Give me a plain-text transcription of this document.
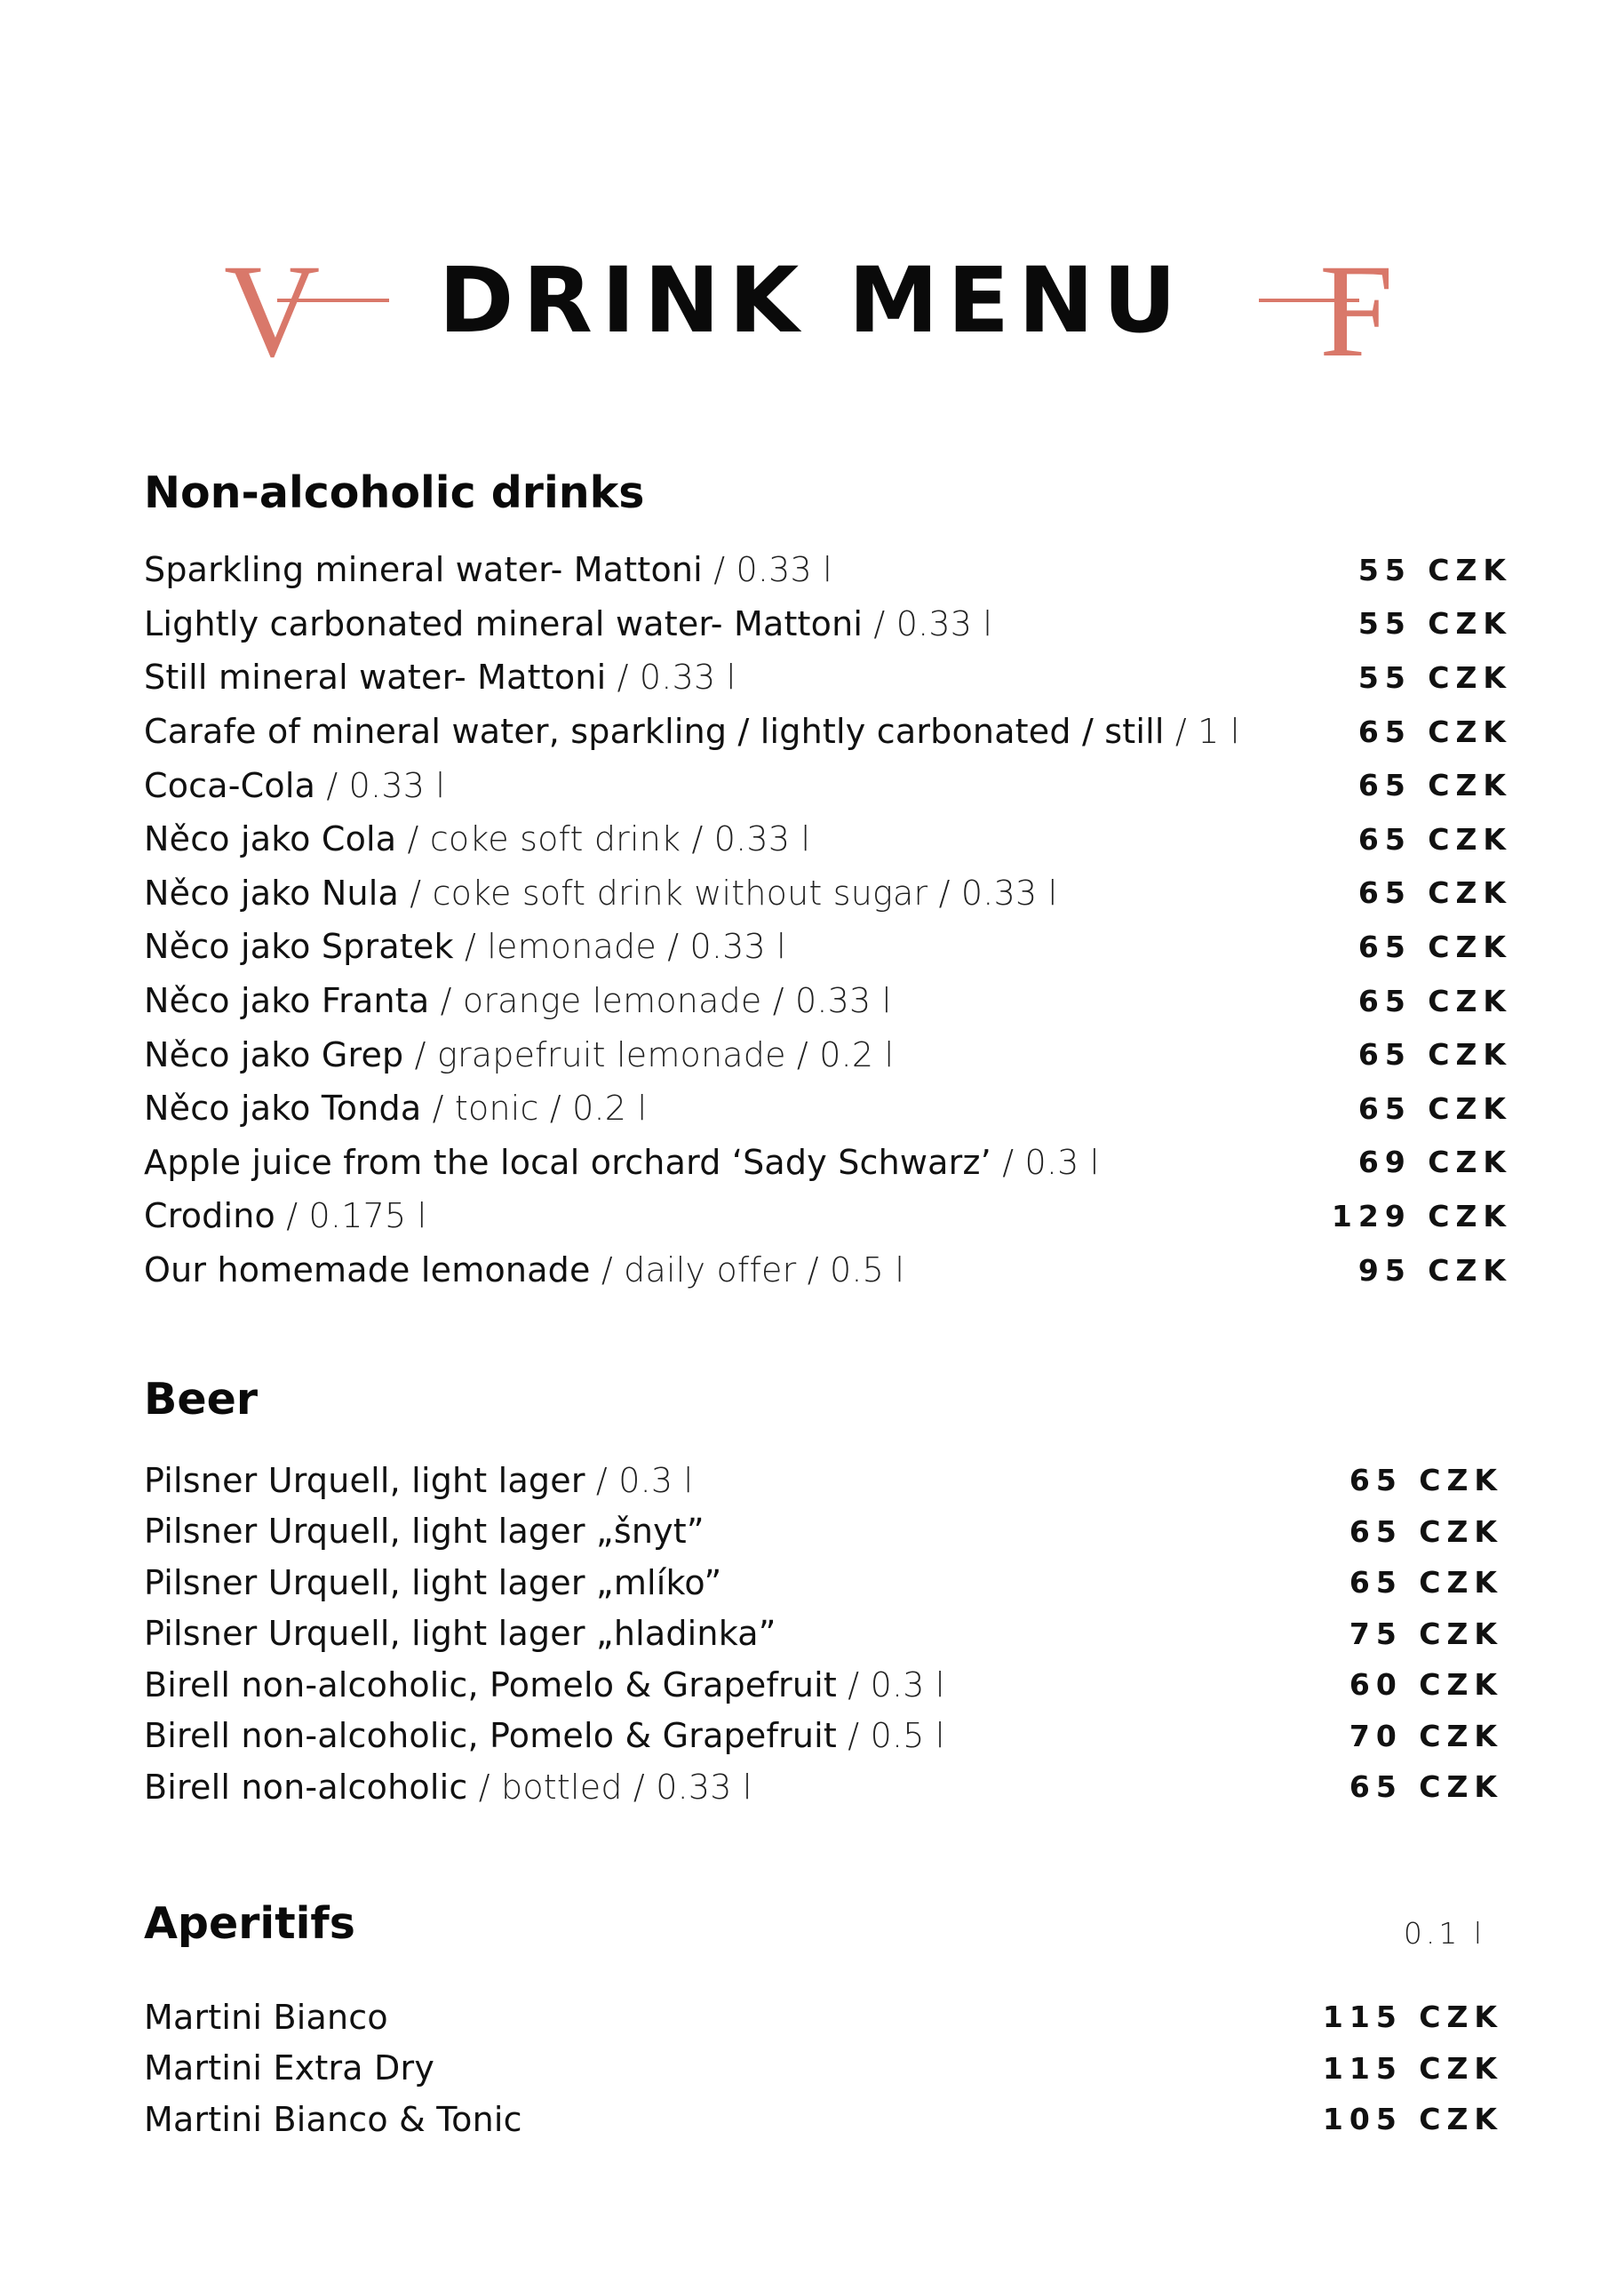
V	DRINK MENU	F
Non-alcoholic drinks
Sparkling mineral water- Mattoni / 0.33 l	55 CZK
Lightly carbonated mineral water- Mattoni / 0.33 l	55 CZK
Still mineral water- Mattoni / 0.33 l	55 CZK
Carafe of mineral water, sparkling / lightly carbonated / still / 1 l	65 CZK
Coca-Cola / 0.33 l	65 CZK
Něco jako Cola / coke soft drink / 0.33 l	65 CZK
Něco jako Nula / coke soft drink without sugar / 0.33 l	65 CZK
Něco jako Spratek / lemonade / 0.33 l	65 CZK
Něco jako Franta / orange lemonade / 0.33 l	65 CZK
Něco jako Grep / grapefruit lemonade / 0.2 l	65 CZK
Něco jako Tonda / tonic / 0.2 l	65 CZK
Apple juice from the local orchard ‘Sady Schwarz’ / 0.3 l	69 CZK
Crodino / 0.175 l	129 CZK
Our homemade lemonade / daily offer / 0.5 l	95 CZK
Beer
Pilsner Urquell, light lager / 0.3 l	65 CZK
Pilsner Urquell, light lager „šnyt”	65 CZK
Pilsner Urquell, light lager „mlíko”	65 CZK
Pilsner Urquell, light lager „hladinka”	75 CZK
Birell non-alcoholic, Pomelo & Grapefruit / 0.3 l	60 CZK
Birell non-alcoholic, Pomelo & Grapefruit / 0.5 l	70 CZK
Birell non-alcoholic / bottled / 0.33 l	65 CZK
Aperitifs	0.1 l
Martini Bianco	115 CZK
Martini Extra Dry	115 CZK
Martini Bianco & Tonic	105 CZK
